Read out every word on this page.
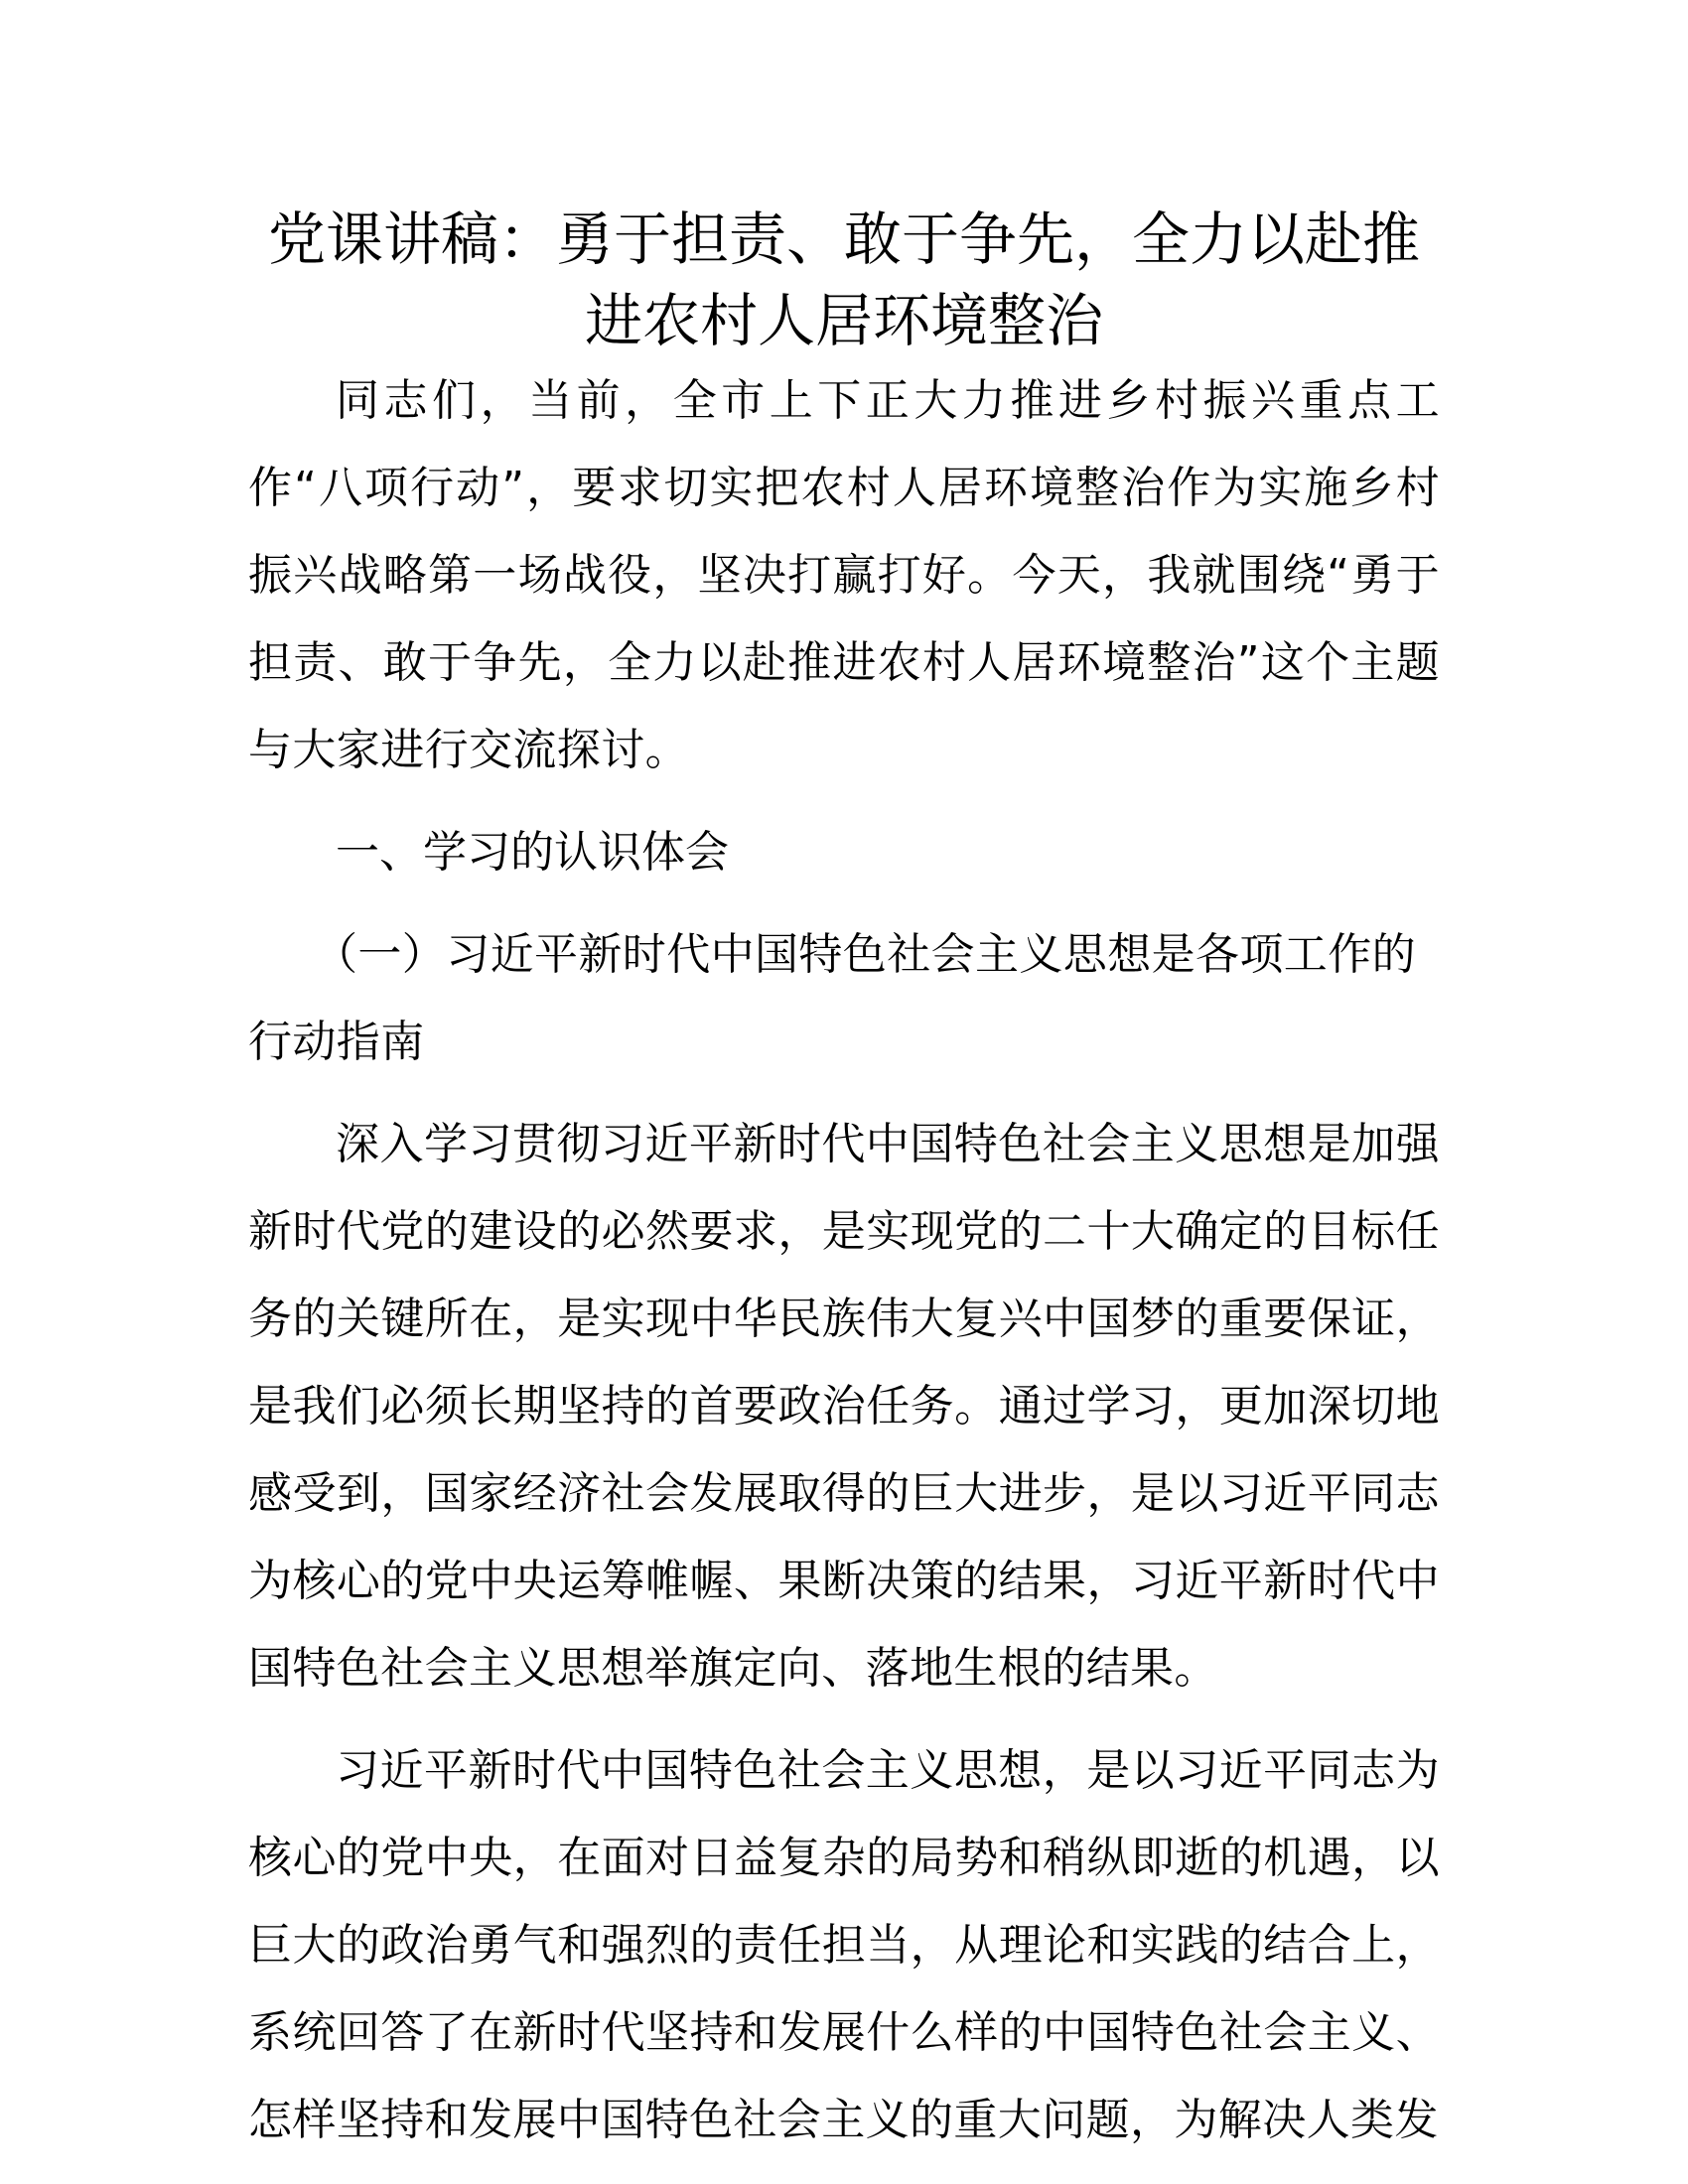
党课讲稿：勇于担责、敢于争先，全力以赴推进农村人居环境整治

同志们，当前，全市上下正大力推进乡村振兴重点工作“八项行动”，要求切实把农村人居环境整治作为实施乡村振兴战略第一场战役，坚决打赢打好。今天，我就围绕“勇于担责、敢于争先，全力以赴推进农村人居环境整治”这个主题与大家进行交流探讨。

一、学习的认识体会

（一）习近平新时代中国特色社会主义思想是各项工作的行动指南

深入学习贯彻习近平新时代中国特色社会主义思想是加强新时代党的建设的必然要求，是实现党的二十大确定的目标任务的关键所在，是实现中华民族伟大复兴中国梦的重要保证，是我们必须长期坚持的首要政治任务。通过学习，更加深切地感受到，国家经济社会发展取得的巨大进步，是以习近平同志为核心的党中央运筹帷幄、果断决策的结果，习近平新时代中国特色社会主义思想举旗定向、落地生根的结果。

习近平新时代中国特色社会主义思想，是以习近平同志为核心的党中央，在面对日益复杂的局势和稍纵即逝的机遇，以巨大的政治勇气和强烈的责任担当，从理论和实践的结合上，系统回答了在新时代坚持和发展什么样的中国特色社会主义、怎样坚持和发展中国特色社会主义的重大问题，为解决人类发
